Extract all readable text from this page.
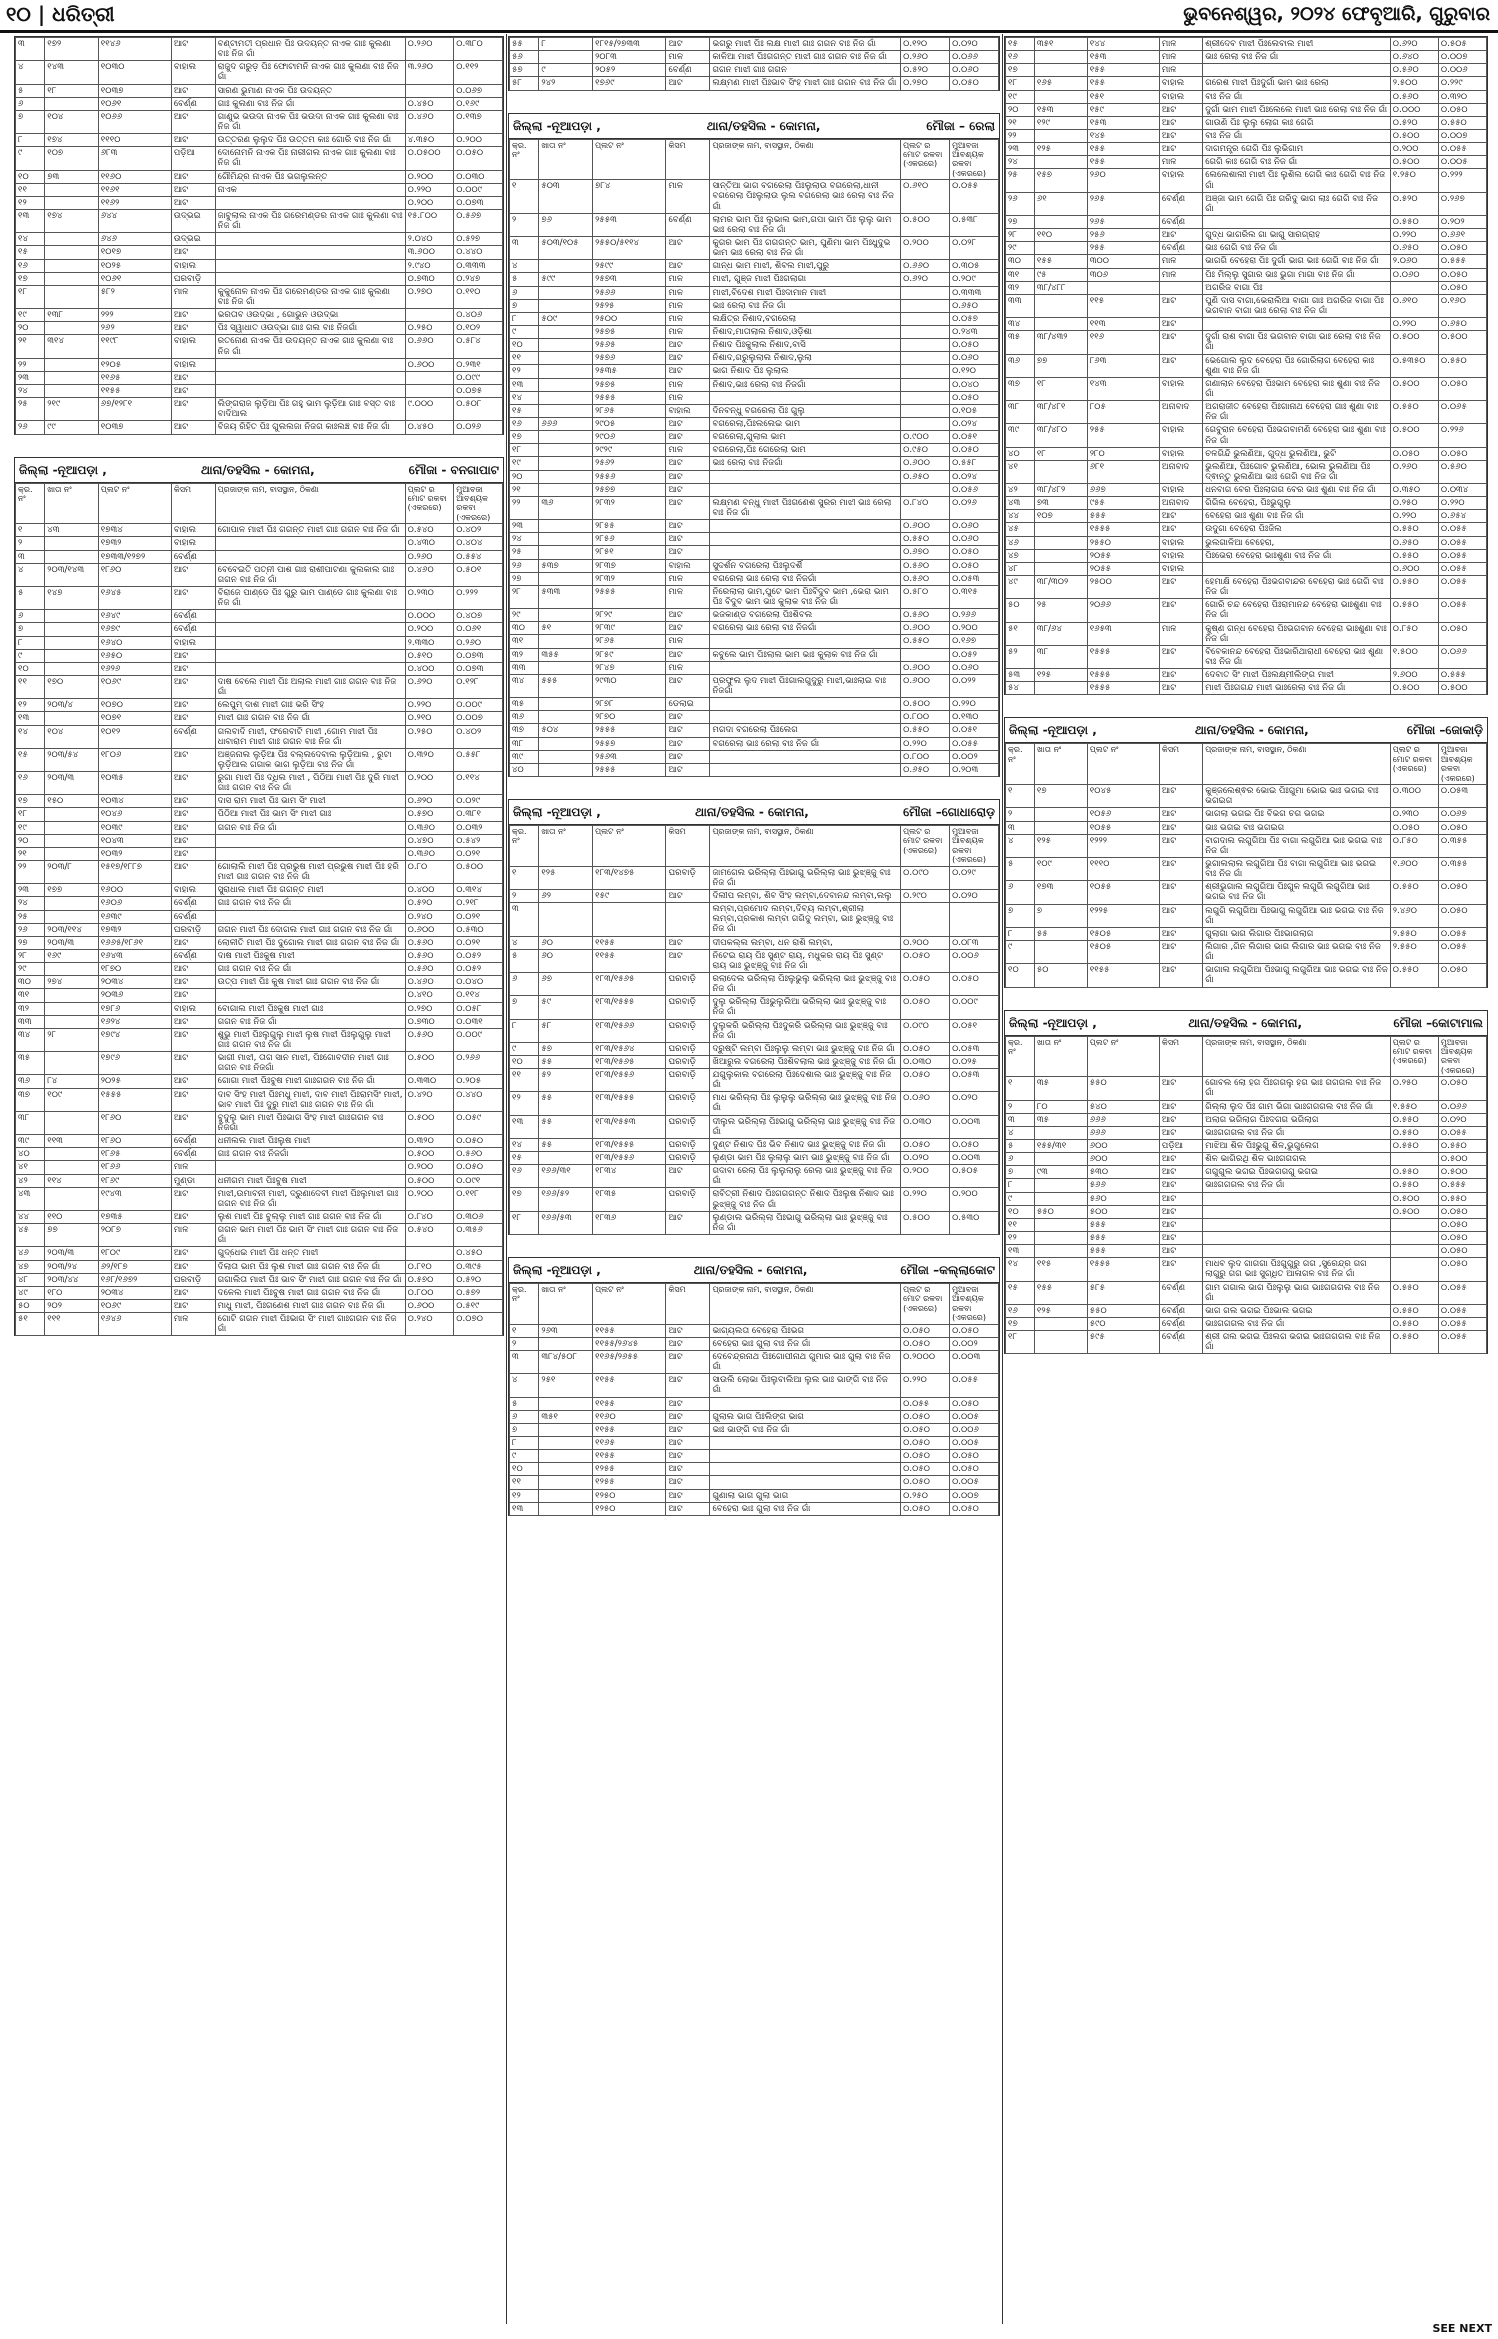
୧୦ | ଧରିତ୍ରୀ	ଭୁବନେଶ୍ୱର, ୨୦୨୪ ଫେବୃଆରି, ଗୁରୁବାର
୩	୧୭୨	୧୧୪୬	ଆଟ	ବଣ୍ଟାମତୀ ପ୍ରଧାନ ପିଃ ଉଦୟନ୍ତ ନାଏକ ଗାଃ କୁଲଣା ବାଃ ନିଜ ଗାଁ	୦.୨୬୦	୦.୩୮୦
୪	୧୪୩	୧୦୩୦	ବାହାଲ	ରାଜୁଦ ଗରୁଡ଼ ପିଃ ଫୋଟାମନି ନାଏକ ଗାଃ କୁଲଣା ବାଃ ନିଜ ଗାଁ	୩.୨୬୦	୦.୧୧୨
୫	୧୮	୧୦୩୭	ଆଟ	ସାରଣ ଭୁମାଣ ନାଏକ ପିଃ ଉଦୟନ୍ତ		୦.୦୬୭
୬		୧୦୬୧	ବେର୍ଣ୍ଣ	ଗାଃ କୁଲଣା ବାଃ ନିଜ ଗାଁ	୦.୪୫୦	୦.୧୬୯
୭	୧୦୪	୧୦୬୬	ଆଟ	ଗାଣୁଭ ଭଉଦା ନାଏକ ପିଃ ଭଉଦା ନାଏକ ଗାଃ କୁଲଣା ବାଃ ନିଜ ଗାଁ	୦.୪୬୦	୦.୧୩୭
୮	୧୭୪	୧୧୧୦	ଆଟ	ଉତ୍ତରଣ ଲୁଲୁଦ ପିଃ ଉତ୍ତମ କାଃ ଗୋରି ବାଃ ନିଜ ଗାଁ	୪.୩୫୦	୦.୨୦୦
୯	୧୦୭	୬୮୩	ପଡ଼ିଆ	ଦୋନୋମନି ନାଏକ ପିଃ ନାରୀଗଲ ନାଏକ ଗାଃ କୁଲଣା ବାଃ ନିଜ ଗାଁ	୦.୦୫୦୦	୦.୦୫୦
୧୦	୭୩	୧୧୬୦	ଆଟ	ଗୌମିନ୍ଦ୍ର ନାଏକ ପିଃ ଭଗଲୁଲନ୍ତ	୦.୨୦୦	୦.୦୩୦
୧୧		୧୧୬୧	ଆଟ	ନାଏକ	୦.୨୨୦	୦.୦୦୯
୧୨		୧୧୬୨	ଆଟ		୦.୨୦୦	୦.୦୭୩
୧୩	୧୭୪	୬୪୪	ଉଦ୍ଭଇ	ଜାବୁଲାଲ ନାଏକ ପିଃ ଗରେମଣ୍ଡର ନାଏକ ଗାଃ କୁଲଣା ବାଃ ନିଜ ଗାଁ	୧୫.୮୦୦	୦.୫୬୭
୧୪		୬୪୬	ଉଦ୍ଭଇ		୨.୦୪୦	୦.୫୨୭
୧୫		୧୦୧୭	ଆଟ		୩.୬୦୦	୦.୪୪୦
୧୬		୧୦୨୫	ବାହାଲ		୨.୯୪୦	୦.୩୩୩
୧୭		୧୦୬୧	ଘରବାଡ଼ି		୦.୭୩୦	୦.୨୪୭
୧୮		୫୮୨	ମାଳ	କୁକୁନୋଳ ନାଏକ ପିଃ ଗରେମଣ୍ଡର ନାଏକ ଗାଃ କୁଲଣା ବାଃ ନିଜ ଗାଁ	୦.୨୭୦	୦.୧୧୦
୧୯	୧୩୮	୨୨୨	ଆଟ	ଭରତାବ ଓଉଦ୍ଭା , ଗୋଭୁନ ଓଉଦ୍ଭା		୦.୪୦୬
୨୦		୨୬୨	ଆଟ	ପିଃ ସ୍ୱାଧାତ ଓଉଦ୍ଭା ଗାଃ ଗଲ ବାଃ ନିଜଗାଁ	୦.୨୫୦	୦.୧୦୨
୨୧	୩୧୪	୧୧୯୮	ବାହାଲ	ରତନୋଣ ନାଏକ ପିଃ ଉଦୟନ୍ତ ନାଏକ ଗାଃ କୁଲଣା ବାଃ ନିଜ ଗାଁ	୦.୬୬୦	୦.୫୮୪
୨୨		୧୨୦୫	ବାହାଲ		୦.୬୦୦	୦.୨୩୧
୨୩		୧୧୬୫	ଆଟ			୦.୦୯୯
୨୪		୧୧୫୫	ଆଟ			୦.୦୭୫
୨୫	୨୧୯	୬୭/୧୨୮୧	ଆଟ	ଲିଙ୍ଗରାଜ ଲୁଡ଼ିଆ ପିଃ ଗହୁ ଭାମ ଲୁଡ଼ିଆ ଗାଃ ବସ୍ତ ବାଃ ବାଦିଆଲ	୯.୦୦୦	୦.୫୦୮
୨୬	୯୯	୧୦୩୭	ଆଟ	ବିଜୟ ରିହିତ ପିଃ ଗୁଲଲଜା ନିଜଗ କାଃଲଞ୍ଚ ବାଃ ନିଜ ଗାଁ	୦.୪୫୦	୦.୦୨୬
ଜିଲ୍ଲା -ନୂଆପଡ଼ା ,	ଥାନା/ତହସିଲ - କୋମନା,	ମୌଜା - ବନଗାପାଟ
କ୍ର. ନଂ	ଖାତା ନଂ	ପ୍ଲଟ ନଂ	କିସମ	ପ୍ରଜାଙ୍କ ନାମ, ବାସସ୍ଥାନ, ଠିକଣା	ପ୍ଲଟ ର ମୋଟ ରକବା (ଏକରରେ)	ମୁଆବଜା ଆବଶ୍ୟକ ରକବା (ଏକରରେ)
୧	୪୩	୧୭୩୪	ବାହାଲ	ଗୋପାଳ ମାଝୀ ପିଃ ଗଗନ୍ତ ମାଝୀ ଗାଃ ଗଗନ ବାଃ ନିଜ ଗାଁ	୦.୫୪୦	୦.୪୦୨
୨		୧୭୩୨	ବାହାଲ		୦.୪୩୦	୦.୪୦୪
୩		୧୭୩୩/୧୨୭୨	ବେର୍ଣ୍ଣ		୦.୨୬୦	୦.୫୫୪
୪	୨୦୩/୧୪୩	୧୮୬୦	ଆଟ	ବେବେଇତି ପତ୍ନୀ ପାଶ ଗାଃ ରାଶୀପାଟଣା କୁଲକାଲ ଗାଃ ଗଗନ ବାଃ ନିଜ ଗାଁ	୦.୪୬୦	୦.୫୦୧
୫	୧୪୭	୧୬୪୫	ଆଟ	ବିରାଜେ ପାଣ୍ଡେ ପିଃ ଗୁରୁ ଭାମ ପାଣ୍ଡେ ଗାଃ କୁଲଣା ବାଃ ନିଜ ଗାଁ	୦.୨୩୦	୦.୨୨୨
୬		୧୬୪୯	ବେର୍ଣ୍ଣ		୦.୦୦୦	୦.୪୦୭
୭		୧୬୭୯	ବେର୍ଣ୍ଣ		୦.୨୦୦	୦.୦୬୧
୮		୧୬୪୦	ବାହାଲ		୨.୩୩୦	୦.୨୬୦
୯		୧୬୫୦	ଆଟ		୦.୫୧୦	୦.୦୭୩
୧୦		୧୬୨୬	ଆଟ		୦.୪୦୦	୦.୦୭୩
୧୧	୧୭୦	୧୦୬୯	ଆଟ	ଦାଷ ବେଲେ ମାଝୀ ପିଃ ଅଲାଲ ମାଝୀ ଗାଃ ଗଗନ ବାଃ ନିଜ ଗାଁ	୦.୬୨୦	୦.୧୨୮
୧୨	୨୦୩/୪	୧୦୭୦	ଆଟ	ଲେପୁମ୍ ଦାଶ ମାଝୀ ଗାଃ ଭରି ସିଂହ	୦.୨୨୦	୦.୦୦୯
୧୩		୧୦୭୧	ଆଟ	ମାଝୀ ଗାଃ ଗଗନ ବାଃ ନିଜ ଗାଁ	୦.୨୧୦	୦.୦୦୭
୧୪	୧୦୪	୧୦୧୨	ବେର୍ଣ୍ଣ	ଗଲବାଦି ମାଝୀ, ଫରେବାଟି ମାଝୀ ,ଗୋମ ମାଝୀ ପିଃ ଧାବାରାମ ମାଝୀ ଗାଃ ଗଗନ ବାଃ ନିଜ ଗାଁ	୦.୨୫୦	୦.୪୦୨
୧୫	୨୦୩/୫୪	୧୮୦୬	ଆଟ	ଅଞ୍ଜନାଲ ଲୁଡ଼ିଆ ପିଃ ବଲ୍ଲଦେବାଲ ଲୁଡ଼ିଆଲ , ରୁଟା ଲୁଡ଼ିଆଲ ଗଗାକ ଭାଗ ଲୁଡ଼ିଆ ବାଃ ନିଜ ଗାଁ	୦.୩୨୦	୦.୫୫୮
୧୬	୨୦୩/୩	୧୦୩୫	ଆଟ	ରୁଗା ମାଝୀ ପିଃ ଦ୍ଧିଲ ମାଝୀ , ପିଠିଆ ମାଝୀ ପିଃ ଦୁରି ମାଝୀ ଗାଃ ଗଗନ ବାଃ ନିଜ ଗାଁ	୦.୨୦୦	୦.୧୧୪
୧୭	୧୫୦	୧୦୩୪	ଆଟ	ଦାସ ରାମ ମାଝୀ ପିଃ ଭାମ ସିଂ ମାଝୀ	୦.୬୨୦	୦.୦୨୯
୧୮		୧୦୪୬	ଆଟ	ପିଠିଆ ମାଝୀ ପିଃ ଭାମ ସିଂ ମାଝୀ ଗାଃ	୦.୫୭୦	୦.୩୮୧
୧୯		୧୦୩୯	ଆଟ	ଗଗନ ବାଃ ନିଜ ଗାଁ	୦.୩୬୦	୦.୦୩୨
୨୦		୧୦୪୩	ଆଟ		୦.୪୭୦	୦.୫୪୨
୨୧		୧୦୩୨	ଆଟ		୦.୩୬୦	୦.୦୨୧
୨୨	୨୦୩/୮	୧୫୧୭/୧୮୮୭	ଆଟ	ଗୋଲାଲି ମାଝୀ ପିଃ ପ୍ରଭୁଷ ମାଝୀ ପ୍ରଭୁଷ ମାଝୀ ପିଃ ହରି ମାଝୀ ଗାଃ ଗଗନ ବାଃ ନିଜ ଗାଁ	୦.୮୦	୦.୫୦୦
୨୩	୧୭୭	୧୬୦୦	ବାହାଲ	ସୁରାଧାଲ ମାଝୀ ପିଃ ଗଗନ୍ତ ମାଝୀ	୦.୪୦୦	୦.୩୧୪
୨୪		୧୬୦୬	ବେର୍ଣ୍ଣ	ଗାଃ ଗଗନ ବାଃ ନିଜ ଗାଁ	୦.୫୨୦	୦.୨୧୮
୨୫		୧୬୩୯	ବେର୍ଣ୍ଣ		୦.୨୪୦	୦.୦୨୧
୨୬	୨୦୩/୧୧୪	୧୭୩୨	ଘରବାଡ଼ି	ଗଗନ ମାଝୀ ପିଃ ଦୋଗଲ ମାଝୀ ଗାଃ ଗଗନ ବାଃ ନିଜ ଗାଁ	୦.୬୦୦	୦.୫୩୦
୨୭	୨୦୩/୩	୧୬୬୫/୧୮୬୧	ଆଟ	ଲୋଳୀତି ମାଝୀ ପିଃ ଦୁଗୋଲ ମାଝୀ ଗାଃ ଗଗନ ବାଃ ନିଜ ଗାଁ	୦.୫୬୦	୦.୦୨୧
୨୮	୧୬୯	୧୬୪୩	ବେର୍ଣ୍ଣ	ଦାଷ ମାଝୀ ପିଃକୁଷ ମାଝୀ	୦.୫୬୦	୦.୦୫୨
୨୯		୧୮୭୦	ଆଟ	ଗାଃ ଗଗନ ବାଃ ନିଜ ଗାଁ	୦.୫୬୦	୦.୦୫୨
୩୦	୨୭୪	୨୦୩୪	ଆଟ	ଉତ୍ପ ମାଝୀ ପିଃ କୁଷ ମାଝୀ ଗାଃ ଗଗନ ବାଃ ନିଜ ଗାଁ	୦.୪୬୦	୦.୦୪୦
୩୧		୨୦୩୬	ଆଟ		୦.୪୧୦	୦.୧୧୪
୩୨		୧୭୮୬	ବାହାଲ	ବୋଗାଲ ମାଝୀ ପିଃକୁଷ ମାଝୀ ଗାଃ	୦.୨୭୦	୦.୦୫୮
୩୩		୧୬୨୪	ଆଟ	ଗଗନ ବାଃ ନିଜ ଗାଁ	୦.୭୩୦	୦.୦୩୧
୩୪	୨୮	୧୭୯୪	ଆଟ	ଶୁଭୁ ମାଝୀ ପିଃଲୁଗୁଲୁ ମାଝୀ ଲୁଷ ମାଝୀ ପିଃଲୁଗୁଲୁ ମାଝୀ ଗାଃ ଗଗନ ବାଃ ନିଜ ଗାଁ	୦.୫୬୦	୦.୦୦୯
୩୫		୧୭୯୬	ଆଟ	ଭାଗୀ ମାଝୀ, ତାଗ ସାନ ମାଝୀ, ପିଃଗୋବଦୀନ ମାଝୀ ଗାଃ ଗଗନ ବାଃ ନିଜଗାଁ	୦.୫୦୦	୦.୨୬୬
୩୬	୮୪	୨୦୨୫	ଆଟ	ଗୋଗା ମାଝୀ ପିଃବୁଷ ମାଝୀ ଗାଃଗଗନ ବାଃ ନିଜ ଗାଁ	୦.୩୩୦	୦.୨୦୫
୩୭	୧୦୯	୧୫୫୫	ଆଟ	ଦାବ ସିଂହ ମାଝୀ ପିଃମଧୁ ମାଝୀ, ଦାବ ମାଝୀ ପିଃରାମସିଂ ମାଝୀ, ଭାବ ମାଝୀ ପିଃ ଦୁରୁ ମାଝୀ ଗାଃ ଗଗନ ବାଃ ନିଜ ଗାଁ	୦.୪୨୦	୦.୪୪୦
୩୮		୧୮୬୦	ଆଟ	ବୁଦୁଲୁ ଭାମ ମାଝୀ ପିଃଭାଗ ସିଂହ ମାଝୀ ଗାଃଗଗନ ବାଃ ନିଜଗାଁ	୦.୫୦୦	୦.୦୫୯
୩୯	୧୧୩	୧୮୬୦	ବେର୍ଣ୍ଣ	ଧନୀଲଲ ମାଝୀ ପିଃଲୁଷ ମାଝୀ	୦.୩୨୦	୦.୦୫୦
୪୦		୧୮୬୫	ବେର୍ଣ୍ଣ	ଗାଃ ଗଗନ ବାଃ ନିଜଗାଁ	୦.୫୦୦	୦.୫୬୦
୪୧		୧୮୬୬	ମାଳ		୦.୨୦୦	୦.୦୫୦
୪୨	୧୧୪	୧୮୬୯	ମୁଣ୍ଡା	ଧନୀଗମ ମାଝୀ ପିଃବୁଷ ମାଝୀ	୦.୫୦୦	୦.୦୯୧
୪୩		୧୯୪୩	ଆଟ	ମାଝୀ,ଉମାବନୀ ମାଝୀ, ଦ୍ରୁଣାଦେବୀ ମାଝୀ ପିଃଲୁମାଝୀ ଗାଃ ଗଗନ ବାଃ ନିଜ ଗାଁ	୦.୨୦୦	୦.୧୧୮
୪୪	୧୧୦	୧୭୩୫	ଆଟ	ଲୁଶ ମାଝୀ ପିଃ ବୁଲ୍ଲୁ ମାଝୀ ଗାଃ ଗଗନ ବାଃ ନିଜ ଗାଁ	୦.୮୪୦	୦.୩୦୬
୪୫	୭୭	୨୦୮୭	ମାଳ	ଗଗନ ଭାମ ମାଝୀ ପିଃ ଭାମ ସିଂ ମାଝୀ ଗାଃ ଗଗନ ବାଃ ନିଜ ଗାଁ	୦.୫୪୦	୦.୩୫୬
୪୬	୨୦୩/୩	୧୮୦୯	ଆଟ	ଗୁଦ୍ଧେଇ ମାଝୀ ପିଃ ଧନ୍ତ ମାଝୀ		୦.୪୫୦
୪୭	୨୦୩/୨୪	୬୨/୧୮୭	ଆଟ	ଦିଲାତା ଭାମ ପିଃ ଲୁଶ ମାଝୀ ଗାଃ ଗଗନ ବାଃ ନିଜ ଗାଁ	୦.୮୧୦	୦.୩୯୫
୪୮	୨୦୩/୪୪	୧୬୮/୧୬୭୨	ଘରବାଡ଼ି	ଗଗାଲିତା ମାଝୀ ପିଃ ଭାବ ସିଂ ମାଝୀ ଗାଃ ଗଗନ ବାଃ ନିଜ ଗାଁ	୦.୫୭୦	୦.୫୨୦
୪୯	୧୮୦	୨୦୩୪	ଆଟ	ଦଳେଲ ମାଝୀ ପିଃବୁଷ ମାଝୀ ଗାଃ ଗଗନ ବାଃ ନିଜ ଗାଁ	୦.୮୦୦	୦.୫୭୨
୫୦	୨୦୨	୧୦୬୯	ଆଟ	ମାଧୁ ମାଝୀ, ପିଃଗଣେଶ ମାଝୀ ଗାଃ ଗଗନ ବାଃ ନିଜ ଗାଁ	୦.୬୦୦	୦.୫୧୯
୫୧	୧୧୧	୧୬୪୬	ମାଳ	ଗୋଟି ଗଗନ ମାଝୀ ପିଃଭାଗ ସିଂ ମାଝୀ ଗାଃଗଗନ ବାଃ ନିଜ ଗାଁ	୦.୨୪୦	୦.୦୭୦
୫୫	୮	୧୮୧୫/୨୭୩୩	ଆଟ	ଭଗରୁ ମାଝୀ ପିଃ ଲକ୍ଷ ମାଝୀ ଗାଃ ଗଗନ ବାଃ ନିଜ ଗାଁ	୦.୧୨୦	୦.୦୨୦
୫୬		୨୦୮୩	ମାଳ	କାଳିଆ ମାଝୀ ପିଃଗଗନ୍ତ ମାଝୀ ଗାଃ ଗଗନ ବାଃ ନିଜ ଗାଁ	୦.୨୬୦	୦.୦୬୬
୫୭	୯	୨୦୫୨	ବେର୍ଣ୍ଣ	ଗଗନ ମାଝୀ ଗାଃ ଗଗନ	୦.୫୨୦	୦.୦୬୦
୫୮	୨୪୨	୧୭୬୯	ଆଟ	ଲକ୍ଷ୍ମଣ ମାଝୀ ପିଃଭାବ ସିଂହ ମାଝୀ ଗାଃ ଗଗନ ବାଃ ନିଜ ଗାଁ	୦.୨୭୦	୦.୦୫୦
ଜିଲ୍ଲା -ନୂଆପଡ଼ା ,	ଥାନା/ତହସିଲ - କୋମନା,	ମୌଜା – ରେଲା
କ୍ର. ନଂ	ଖାତା ନଂ	ପ୍ଲଟ ନଂ	କିସମ	ପ୍ରଜାଙ୍କ ନାମ, ବାସସ୍ଥାନ, ଠିକଣା	ପ୍ଲଟ ର ମୋଟ ରକବା (ଏକରରେ)	ମୁଆବଜା ଆବଶ୍ୟକ ରକବା (ଏକରରେ)
୧	୫୦୩	୭୮୪	ମାଳ	ସାନ୍ତିଆ ଭାଗ ବଗରେଲା ପିଃଲୁଲାଉ ବଗରେଲା,ଧାନୀ ବଗରେଲା ପିଃଲୁଲାଉ ଲୁଲ ବଗରେଲା ଭାଃ ରେଲା ବାଃ ନିଜ ଗାଁ	୦.୬୧୦	୦.୦୫୫
୨	୭୬	୨୫୫୩	ବେର୍ଣ୍ଣ	ଲାମର ଭାମ ପିଃ ଲୁଭାଲ ଭାମ,ଗପା ଭାମ ପିଃ ଲୁଲୁ ଭାମ ଭାଃ ରେଲା ବାଃ ନିଜ ଗାଁ	୦.୫୦୦	୦.୫୩୮
୩	୫୦୩/୧୦୫	୨୫୫୦/୫୧୧୪	ଆଟ	କୁଗର ଭାମ ପିଃ ଗଗଗନ୍ତ ଭାମ, ପୁଣିମା ଭାମ ପିଃଧୁଦୁଭ ଭାମ ଭାଃ ରେଲା ବାଃ ନିଜ ଗାଁ	୦.୨୦୦	୦.୦୨୮
୪		୨୫୯୯	ଆଟ	ଗାନ୍ଧ ଭାମ ମାଝୀ, ଶିବଲ ମାଝୀ,ପୁରୁ	୦.୬୬୦	୦.୩୦୫
୫	୫୯୯	୨୫୭୩	ମାଳ	ମାଝୀ, ଗୁଞ୍ଜ ମାଝୀ ପିଃଗଲାଗା	୦.୬୨୦	୦.୨୦୯
୬		୨୫୬୬	ମାଳ	ମାଝୀ,ବିଦେଶ ମାଝୀ ପିଃଦାମାନ ମାଝୀ		୦.୩୩୩
୭		୨୫୨୫	ମାଳ	ଭାଃ ରେଲା ବାଃ ନିଜ ଗାଁ		୦.୬୫୦
୮	୫୦୯	୨୫୦୦	ମାଳ	ଲକ୍ଷିତ୍ର ନିଶାଦ,ବଗରେଲା		୦.୦୫୭
୯		୨୫୭୫	ମାଳ	ନିଶାଦ,ମାତାଲାଲ ନିଶାଦ,ଓଡ଼ିଶା		୦.୨୪୩
୧୦		୨୫୬୫	ଆଟ	ନିଶାଦ ପିଃକୁଲାଲ ନିଶାଦ,ବାସି		୦.୦୫୦
୧୧		୨୫୭୬	ଆଟ	ନିଶାଦ,ଗରୁଲୁଲାଲ ନିଶାଦ,ଲୁଲା		୦.୦୬୦
୧୨		୨୫୩୫	ଆଟ	ଭାଗ ନିଶାଦ ପିଃ ଲୁଲାଲ		୦.୧୨୦
୧୩		୨୫୭୫	ମାଳ	ନିଶାଦ,ଭାଃ ରେଲା ବାଃ ନିଜଗାଁ		୦.୦୪୦
୧୪		୨୫୫୫	ମାଳ			୦.୦୫୦
୧୫		୨୮୬୫	ବାହାଲ	ଦିନବନ୍ଧୁ ବଗରେଲା ପିଃ ଗୁଲୁ		୦.୧୦୫
୧୬	୬୬୬	୨୯୦୫	ଆଟ	ବଗରେଲା,ପିଃଲଲେଇ ଭାମ		୦.୦୨୪
୧୭		୨୯୦୬	ଆଟ	ବଗରେଲା,ଗୁଲାଲ ଭାମ	୦.୯୦୦	୦.୦୫୧
୧୮		୨୯୨୯	ମାଳ	ବଗରେଲା,ପିଃ ଗେରେଲା ଭାମ	୦.୯୫୦	୦.୦୫୦
୧୯		୨୫୬୨	ଆଟ	ଭାଃ ରେଲା ବାଃ ନିଜଗାଁ	୦.୬୦୦	୦.୫୫୮
୨୦		୨୫୫୬	ଆଟ		୦.୬୫୦	୦.୦୨୪
୨୧		୨୫୭୭	ଆଟ			୦.୦୫୬
୨୨	୩୬	୨୮୩୨	ଆଟ	ଲକ୍ଷ୍ମଣ ବନ୍ଧୁ ମାଝୀ ପିଃଗଣେଶ ସୁରର ମାଝୀ ଭାଃ ରେଲା ବାଃ ନିଜ ଗାଁ	୦.୮୪୦	୦.୦୨୬
୨୩		୨୮୫୫	ଆଟ		୦.୬୦୦	୦.୦୬୦
୨୪		୨୮୫୬	ଆଟ		୦.୫୫୦	୦.୦୬୦
୨୫		୨୮୫୧	ଆଟ		୦.୬୭୦	୦.୦୫୦
୨୬	୫୩୭	୨୮୩୭	ବାହାଲ	ସୁଦର୍ଶନ ବଗରେଲା ପିଃଲୁଦର୍ଶି	୦.୫୬୦	୦.୦୫୦
୨୭		୨୮୩୨	ମାଳ	ବଗରେଲା ଭାଃ ରେଲା ବାଃ ନିଜଗାଁ	୦.୫୬୦	୦.୦୫୩
୨୮	୫୩୩	୨୫୫୫	ମାଳ	ନିରେଲାଲା ଭାମ,ପୁଟେ ଭାମ ପିଃବିଦୁବ ଭାମ ,ଭେରା ଭାମ ପିଃ ବିଦୁବ ଭାମ ଭାଃ କୁଲାକ ବାଃ ନିଜ ଗାଁ	୦.୫୮୦	୦.୩୧୫
୨୯		୨୮୨୯	ଆଟ	ଭଜକାଣ୍ଡ ବଗରେଲା ପିଃଶିବଲ	୦.୫୬୦	୦.୨୬୬
୩୦	୫୧	୨୮୩୯	ଆଟ	ବଗରେଲା ଭାଃ ରେଲା ବାଃ ନିଜଗାଁ	୦.୬୦୦	୦.୨୦୦
୩୧		୨୮୬୫	ମାଳ		୦.୫୫୦	୦.୧୬୭
୩୨	୩୫୫	୨୮୫୯	ଆଟ	କବୁଲେ ଭାମ ପିଃଲାଲ ଭାମ ଭାଃ କୁଲାକ ବାଃ ନିଜ ଗାଁ		୦.୦୫୨
୩୩		୨୮୪୭	ମାଳ		୦.୬୦୦	୦.୦୬୦
୩୪	୫୫୫	୨୯୩୦	ଆଟ	ପ୍ରଫୁଲ ଲୁଦ ମାଝୀ ପିଃଗାଲଗୁଦୁରୁ ମାଝୀ,ଭାଃଲାଇ ବାଃ ନିଜଗାଁ	୦.୬୦୦	୦.୦୨୨
୩୫		୨୮୭୮	ଡେଲାଇ		୦.୫୦୦	୦.୨୨୦
୩୬		୨୮୭୦	ଆଟ		୦.୮୦୦	୦.୧୩୦
୩୭	୫୦୪	୨୫୫୫	ଆଟ	ମଗଦା ବଗରେଲା ପିଃଲେଗ	୦.୫୫୦	୦.୦୫୧
୩୮		୨୫୫୭	ଆଟ	ବଗରେଲା ଭାଃ ରେଲା ବାଃ ନିଜ ଗାଁ	୦.୨୨୦	୦.୦୫୫
୩୯		୨୫୬୩	ଆଟ		୦.୮୦୦	୦.୦୦୨
୪୦		୨୫୫୫	ଆଟ		୦.୬୫୦	୦.୨୦୩
ଜିଲ୍ଲା -ନୂଆପଡ଼ା ,	ଥାନା/ତହସିଲ - କୋମନା,	ମୌଜା –ଗୋଧାରୋଡ଼
କ୍ର. ନଂ	ଖାତା ନଂ	ପ୍ଲଟ ନଂ	କିସମ	ପ୍ରଜାଙ୍କ ନାମ, ବାସସ୍ଥାନ, ଠିକଣା	ପ୍ଲଟ ର ମୋଟ ରକବା (ଏକରରେ)	ମୁଆବଜା ଆବଶ୍ୟକ ରକବା (ଏକରରେ)
୧	୧୨୫	୧୮୩/୧୪୭୫	ଘରବାଡ଼ି	ଜାମଗେଲ ଭରିଲ୍ଲା ପିଃଭାଗୁ ଭରିଲ୍ଲା ଭାଃ ଭୁଝ୍ଞ୍ଜୁ ବାଃ ନିଜ ଗାଁ	୦.୦୯୦	୦.୦୨୯
୨	୬୨	୧୫୯	ଆଟ	ଦିଲୀପ ଲମ୍ବା, ଶିବ ସିଂହ ଲମ୍ବା,ଦେବାନନ୍ଦ ଲମ୍ବା,ଲଲୁ	୦.୨୯୦	୦.୦୨୦
୩				ଲମ୍ବା,ପ୍ରମୋଦ ଲମ୍ବା,ଦିବ୍ୟ ଲମ୍ବା,ଶ୍ରୀଲା ଲମ୍ବା,ପ୍ରକାଶ ଲମ୍ବା ଗଗିଦୁ ଲମ୍ବା, ଭାଃ ଭୁଝ୍ଞ୍ଜୁ ବାଃ ନିଜ ଗାଁ		
୪	୬୦	୧୧୫୫	ଆଟ	ଦୀପକଲ୍ଲ ଲମ୍ବା, ଧନ ରାଶି ଲମ୍ବା,	୦.୨୦୦	୦.୦୮୩
୫	୬୦	୧୧୫୫	ଆଟ	ନିଟେଇ ରାୟ ପିଃ ସୁଣ୍ଟ ରାୟ, ମଧୁକର ରାୟ ପିଃ ସୁଣ୍ଟ ରାୟ ଭାଃ ଭୁଝ୍ଞ୍ଜୁ ବାଃ ନିଜ ଗାଁ	୦.୦୫୦	୦.୦୦୬
୬	୬୭	୧୮୩/୧୫୬୫	ଘରବାଡ଼ି	ରଲାଦେଲ ଭରିଲ୍ଲା ପିଃଲୁଭୁଲୁ ଭରିଲ୍ଲା ଭାଃ ଭୁଝ୍ଞ୍ଜୁ ବାଃ ନିଜ ଗାଁ	୦.୦୫୦	୦.୦୫୦
୭	୫୯	୧୮୩/୧୫୫୫	ଘରବାଡ଼ି	ଦୁଲୁ ଭରିଲ୍ଲା ପିଃଭୁଲୁଲିଆ ଭରିଲ୍ଲା ଭାଃ ଭୁଝ୍ଞ୍ଜୁ ବାଃ ନିଜ ଗାଁ	୦.୦୫୦	୦.୦୦୯
୮	୫୮	୧୮୩/୧୫୬୬	ଘରବାଡ଼ି	ଦୁଲୁକରି ଭରିଲ୍ଲା ପିଃଦୁକରି ଭରିଲ୍ଲା ଭାଃ ଭୁଝ୍ଞ୍ଜୁ ବାଃ ନିଜ ଗାଁ	୦.୦୯୦	୦.୦୫୧
୯	୫୭	୧୮୩/୧୫୬୪	ଘରବାଡ଼ି	ଦ୍ରୁଷ୍ଟି ଲମ୍ବା ପିଃଲୁଲୁ ଲମ୍ବା ଭାଃ ଭୁଝ୍ଞ୍ଜୁ ବାଃ ନିଜ ଗାଁ	୦.୦୫୦	୦.୦୫୩
୧୦	୫୫	୧୮୩/୧୫୬୫	ଘରବାଡ଼ି	ଖିଆରୁଲ ବଗରେଲା ପିଃଶିବଲାଲ ଭାଃ ଭୁଝ୍ଞ୍ଜୁ ବାଃ ନିଜ ଗାଁ	୦.୦୩୦	୦.୦୨୫
୧୧	୫୨	୧୮୩/୧୫୫୬	ଘରବାଡ଼ି	ଯଗୁଲୁକାଲ ବଗରେଲା ପିଃଦେଶାଲ ଭାଃ ଭୁଝ୍ଞ୍ଜୁ ବାଃ ନିଜ ଗାଁ	୦.୦୫୦	୦.୦୫୩
୧୨	୫୫	୧୮୩/୧୫୫୫	ଘରବାଡ଼ି	ମାଧ ଭରିଲ୍ଲା ପିଃ ଲୁଲୁଲୁ ଭରିଲ୍ଲା ଭାଃ ଭୁଝ୍ଞ୍ଜୁ ବାଃ ନିଜ ଗାଁ	୦.୦୬୦	୦.୦୨୦
୧୩	୫୫	୧୮୩/୧୫୫୩	ଘରବାଡ଼ି	ଦୀଲୁଲ ଭରିଲ୍ଲା ପିଃଭାଗୁ ଭରିଲ୍ଲା ଭାଃ ଭୁଝ୍ଞ୍ଜୁ ବାଃ ନିଜ ଗାଁ	୦.୦୩୦	୦.୦୦୩
୧୪	୫୫	୧୮୩/୧୫୫୫	ଘରବାଡ଼ି	ଦୁଣ୍ଟ ନିଶାଦ ପିଃ ଭିବ ନିଶାଦ ଭାଃ ଭୁଝ୍ଞ୍ଜୁ ବାଃ ନିଜ ଗାଁ	୦.୦୫୦	୦.୦୫୦
୧୫		୧୮୩/୧୫୫୬	ଘରବାଡ଼ି	ଲୁଣ୍ଡା ଭାମ ପିଃ ଲୁଲାଲୁ ଭାମ ଭାଃ ଭୁଝ୍ଞ୍ଜୁ ବାଃ ନିଜ ଗାଁ	୦.୦୨୦	୦.୦୦୩
୧୬	୧୬୬/୩୧	୧୮୩୪	ଆଟ	ଗଦାବା ରେଲା ପିଃ ଲୁଲୁଲାଲୁ ରେଲା ଭାଃ ଭୁଝ୍ଞ୍ଜୁ ବାଃ ନିଜ ଗାଁ	୦.୨୦୦	୦.୫୦୫
୧୭	୧୬୬/୫୨	୧୮୩୫	ଘରବାଡ଼ି	ରାବିତ୍ରୀ ନିଶାଦ ପିଃଗଗଗନ୍ତ ନିଶାଦ ପିଃଲୁଷ ନିଶାଦ ଭାଃ ଭୁଝ୍ଞ୍ଜୁ ବାଃ ନିଜ ଗାଁ	୦.୨୨୦	୦.୨୦୦
୧୮	୧୬୬/୫୩	୧୮୩୬	ଆଟ	ଲୁଣ୍ଡାଲ ଭରିଲ୍ଲା ପିଃଭାଗୁ ଭରିଲ୍ଲା ଭାଃ ଭୁଝ୍ଞ୍ଜୁ ବାଃ ନିଜ ଗାଁ	୦.୫୦୦	୦.୫୩୦
ଜିଲ୍ଲା -ନୂଆପଡ଼ା ,	ଥାନା/ତହସିଲ - କୋମନା,	ମୌଜା –କଲ୍ଲାକୋଟ
କ୍ର. ନଂ	ଖାତା ନଂ	ପ୍ଲଟ ନଂ	କିସମ	ପ୍ରଜାଙ୍କ ନାମ, ବାସସ୍ଥାନ, ଠିକଣା	ପ୍ଲଟ ର ମୋଟ ରକବା (ଏକରରେ)	ମୁଆବଜା ଆବଶ୍ୟକ ରକବା (ଏକରରେ)
୧	୨୬୩	୧୧୫୫	ଆଟ	ଭାଗ୍ୟଲତା ବେହେରା ପିଃଭଗ	୦.୦୫୦	୦.୦୫୦
୨		୧୧୫୫/୨୬୪୫	ଆଟ	ବେହେରା ଭାଃ ଗୁଲା ବାଃ ନିଜ ଗାଁ	୦.୦୫୦	୦.୦୦୨
୩	୩୮୪/୫୦୮	୧୧୬୫/୨୬୫୫	ଆଟ	ଦେବେନ୍ଦ୍ରନାଥ ପିଃଗୋପୀନାଥ ଗୁମାର ଭାଃ ଗୁଲା ବାଃ ନିଜ ଗାଁ	୦.୨୦୦୦	୦.୦୦୩
୪	୨୫୧	୧୧୫୫	ଆଟ	ସାଉଲି ଲୋଭା ପିଃଲୁବାଲିଆ ଲୁଲ ଭାଃ ଭାଙ୍ଗି ବାଃ ନିଜ ଗାଁ	୦.୨୨୦	୦.୦୫୫
୫		୧୧୫୫	ଆଟ		୦.୦୫୫	୦.୦୫୦
୬	୩୫୧	୧୧୬୦	ଆଟ	ଗୁଲାଲ ଭାଗ ପିଃଲିଙ୍ଗ ଭାଗ	୦.୦୫୦	୦.୦୦୫
୭		୧୧୫୫	ଆଟ	ଭାଃ ଭାଙ୍ଗି ବାଃ ନିଜ ଗାଁ	୦.୦୫୦	୦.୦୦୬
୮		୧୧୬୫	ଆଟ		୦.୦୫୦	୦.୦୦୫
୯		୧୧୫୫	ଆଟ		୦.୦୫୦	୦.୦୫୦
୧୦		୧୨୫୫	ଆଟ		୦.୦୫୦	୦.୦୫୦
୧୧		୧୨୫୫	ଆଟ		୦.୦୫୦	୦.୦୦୫
୧୨		୧୨୫୦	ଆଟ	ଗୁଣାଲା ଭାଗ ଗୁଲା ଭାଗ	୦.୨୫୦	୦.୦୦୭
୧୩		୧୨୫୦	ଆଟ	ବେହେରା ଭାଃ ଗୁଲା ବାଃ ନିଜ ଗାଁ	୦.୦୫୦	୦.୦୫୦
୧୫	୩୫୧	୧୪୪	ମାଳ	ଶ୍ରୀଦେବ ମାଝୀ ପିଃଲେବାଲ ମାଝୀ	୦.୬୨୦	୦.୫୦୫
୧୬		୧୫୩	ମାଳ	ଭାଃ ରେଲା ବାଃ ନିଜ ଗାଁ	୦.୬୪୦	୦.୦୦୭
୧୭		୧୫୫	ମାଳ		୦.୫୬୦	୦.୦୦୬
୧୮	୧୬୫	୧୫୫	ବାହାଲ	ଗରେଶ ମାଝୀ ପିଃଦୁର୍ଗା ଭାମ ଭାଃ ରେଲା	୨.୫୦୦	୦.୨୨୯
୧୯		୧୫୧	ବାହାଲ	ବାଃ ନିଜ ଗାଁ	୦.୫୬୦	୦.୩୨୦
୨୦	୧୫୩	୧୫୯	ଆଟ	ଦୁର୍ଗା ଭାମ ମାଝୀ ପିଃଲେଲେ ମାଝୀ ଭାଃ ରେଲା ବାଃ ନିଜ ଗାଁ	୦.୦୦୦	୦.୦୫୦
୨୧	୧୨୯	୧୫୩	ଆଟ	ଗାଉଣି ପିଃ ଲୁଲୁ ଲୋଗ କାଃ ଗେଗି	୦.୫୨୦	୦.୫୫୦
୨୨		୧୪୫	ଆଟ	ବାଃ ନିଜ ଗାଁ	୦.୫୦୦	୦.୦୦୭
୨୩	୧୨୫	୧୫୫	ଆଟ	ଦାଗମନ୍ତ୍ର ଗେଗି ପିଃ ଲୁଭିଗାମ	୦.୨୦୦	୦.୦୫୫
୨୪		୧୫୫	ମାଳ	ଗେଗି କାଃ ଗେଗି ବାଃ ନିଜ ଗାଁ	୦.୫୦୦	୦.୦୦୫
୨୫	୧୫୭	୨୬୦	ବାହାଲ	ଲେଲେଶାଲୀ ମାଝୀ ପିଃ ଲୁଶିଲ ଗେଗି କାଃ ଗେଗି ବାଃ ନିଜ ଗାଁ	୧.୨୫୦	୦.୨୨୨
୨୬	୬୧	୨୬୫	ବେର୍ଣ୍ଣ	ଅଞ୍ଜା ଭାମ ଗେଗି ପିଃ ଗରିଦୁ ଭାଗ ଲାଃ ଗେଗି ବାଃ ନିଜ ଗାଁ	୦.୫୨୦	୦.୨୬୭
୨୭		୨୬୫	ବେର୍ଣ୍ଣ		୦.୫୫୦	୦.୨୦୨
୨୮	୧୧୦	୨୫୬	ଆଟ	ଗୁଦ୍ଧ ଭାଗରିଲ ଗା ଭାଗୁ ସାରଗ୍ରାହ	୦.୨୨୦	୦.୬୬୧
୨୯		୨୫୫	ବେର୍ଣ୍ଣ	ଭାଃ ଗେଗି ବାଃ ନିଜ ଗାଁ	୦.୬୫୦	୦.୦୫୦
୩୦	୧୫୫	୩୦୦	ମାଳ	ଭାଗଗି ବେହେରା ପିଃ ଦୁର୍ଗା ଭାଗ ଭାଃ ଗେଗି ବାଃ ନିଜ ଗାଁ	୨.୦୬୦	୦.୫୫୫
୩୧	୯୫	୩୦୬	ମାଳ	ପିଃ ମିଲ୍ଲୁ ସୁଗାର ଭାଃ ଭୁଗା ମାଗା ବାଃ ନିଜ ଗାଁ	୦.୦୬୦	୦.୦୫୦
୩୨	୩୮/୪୮୮			ଅଗରିଜ ବାଗା ପିଃ		୦.୦୫୦
୩୩		୧୧୫	ଆଟ	ପୁଣି ଦାସ ବାଗା,ଭେରାଲିଆ ବାଗା ଗାଃ ଅଗରିଜ ବାଗା ପିଃ ଭଗବାନ ବାଗା ଭାଃ ରେଲା ବାଃ ନିଜ ଗାଁ	୦.୬୧୦	୦.୧୬୦
୩୪		୧୧୩	ଆଟ		୦.୨୨୦	୦.୬୫୦
୩୫	୩୮/୪୩୨	୧୧୬	ଆଟ	ଦୁର୍ଗା ରାଶ ବାଗା ପିଃ ଭଗବାନ ବାଗା ଭାଃ ରେଲା ବାଃ ନିଜ ଗାଁ	୦.୫୦୦	୦.୫୦୦
୩୬	୭୭	୮୬୩	ଆଟ	ଭେଗୋଲ ଲୁଦ ବେହେରା ପିଃ ଗୋରିଲାଗ ବେହେରା କାଃ ଶୁଣା ବାଃ ନିଜ ଗାଁ	୦.୫୩୫୦	୦.୫୫୦
୩୭	୧୮	୧୪୩	ବାହାଲ	ଗଣାଲାନ ବେହେରା ପିଃଭାମ ବେହେରା କାଃ ଶୁଣା ବାଃ ନିଜ ଗାଁ	୦.୫୦୦	୦.୦୫୦
୩୮	୩୮/୪୮୧	୮୦୫	ଅନାବାଦ	ଅଗରାଜୀତ ବେହେରା ପିଃଗାନାଥ ବେହେରା ଗାଃ ଶୁଣା ବାଃ ନିଜ ଗାଁ	୦.୫୫୦	୦.୦୬୫
୩୯	୩୮/୪୮୦	୨୫୫	ବାହାଲ	ଗେବୁରାନ ବେହେରା ପିଃଭଗବାମଣି ବେହେରା ଭାଃ ଶୁଣା ବାଃ ନିଜ ଗାଁ	୦.୫୦୦	୦.୨୨୬
୪୦	୧୮	୨୮୦	ବାହାଲ	ଚଳଗିନ୍ଦି ଭୁଲଣିଆ, ଗୁଦ୍ଧ ଭୁଲଣିଆ, ଭୁଟି	୦.୦୫୦	୦.୦୫୦
୪୧		୬୮୧	ଅନାବାଦ	ଭୁଲଣିଆ, ପିଃଗୋବ ଭୁଲଣିଆ, ଭୋଲ ଭୁଲଣିଆ ପିଃ ଦ୍ଵାନ୍ତୁ ଭୁଲଣିଆ ଭାଃ ଗେଗି ବାଃ ନିଜ ଗାଁ	୦.୨୬୦	୦.୫୬୦
୪୨	୩୮/୪୮୨	୬୬୭	ବାହାଲ	ଧନବାଗ ବେର ପିଃଲାଗଗ ବେର ଭାଃ ଶୁଣା ବାଃ ନିଜ ଗାଁ	୦.୩୫୦	୦.୦୩୪
୪୩	୭୩	୯୫୫	ଅନାବାଦ	ଗିଗିଲ ବେହେରା, ପିଃଭୁଗୁଲୁ	୦.୨୫୦	୦.୨୨୦
୪୪	୧୦୭	୫୫୫	ଆଟ	ବେହେରା ଭାଃ ଶୁଣା ବାଃ ନିଜ ଗାଁ	୦.୨୨୦	୦.୬୫୪
୪୫		୧୫୫୫	ଆଟ	ଉଦୁଗା ବେହେରା ପିଃଜିଲ	୦.୫୫୦	୦.୦୫୫
୪୬		୨୫୫୦	ବାହାଲ	ଭୁଲଗାଳିଆ ବେହେରା,	୦.୬୫୦	୦.୦୫୫
୪୭		୨୦୫୫	ବାହାଲ	ପିଃଭେରା ବେହେରା ଭାଃଶୁଣା ବାଃ ନିଜ ଗାଁ	୦.୫୫୦	୦.୦୫୫
୪୮		୨୦୫୫	ବାହାଲ		୦.୬୦୦	୦.୦୫୫
୪୯	୩୮/୩୦୨	୨୫୦୦	ଆଟ	ହେମାକ୍ଷି ବେହେରା ପିଃଭଗବାନ୍ଦର ବେହେରା ଭାଃ ଗେଗି ବାଃ ନିଜ ଗାଁ	୦.୫୫୦	୦.୦୫୫
୫୦	୨୫	୨୦୬୬	ଆଟ	ଗୋରି ଚନ୍ଦ ବେହେରା ପିଃରାମାନନ୍ଦ ବେହେରା ଭାଃଶୁଣା ବାଃ ନିଜ ଗାଁ	୦.୫୫୦	୦.୦୫୫
୫୧	୩୮/୬୪	୧୬୫୩	ମାଳ	କୁଷ୍ଣ ଗନ୍ଧ ବେହେରା ପିଃଭଗବାନ ବେହେରା ଭାଃଶୁଣା ବାଃ ନିଜ ଗାଁ	୦.୮୫୦	୦.୦୫୦
୫୨	୩୮	୧୫୫୫	ଆଟ	ବିବେକାନନ୍ଦ ବେହେରା ପିଃଭାରିଥାରାଧୀ ବେହେରା ଭାଃ ଶୁଣା ବାଃ ନିଜ ଗାଁ	୧.୫୦୦	୦.୦୬୬
୫୩	୧୨୫	୧୫୫୫	ଆଟ	ଦେବାତ ସିଂ ମାଝୀ ପିଃଲକ୍ଷ୍ମୀଲିଙ୍ଗ ମାଝୀ	୨.୬୦୦	୦.୫୫୫
୫୪		୧୫୫୫	ଆଟ	ମାଝୀ ପିଃଗଗନ୍ଦ ମାଝୀ ଭାଃରେଲା ବାଃ ନିଜ ଗାଁ	୦.୫୦୦	୦.୫୦୦
ଜିଲ୍ଲା -ନୂଆପଡ଼ା ,	ଥାନା/ତହସିଲ - କୋମନା,	ମୌଜା –ଜୋକାଡ଼ି
କ୍ର. ନଂ	ଖାତା ନଂ	ପ୍ଲଟ ନଂ	କିସମ	ପ୍ରଜାଙ୍କ ନାମ, ବାସସ୍ଥାନ, ଠିକଣା	ପ୍ଲଟ ର ମୋଟ ରକବା (ଏକରରେ)	ମୁଆବଜା ଆବଶ୍ୟକ ରକବା (ଏକରରେ)
୧	୧୭	୧୦୪୫	ଆଟ	କୁଞ୍ଜଲେଶ୍ଵର ଭୋଇ ପିଃଗୁମା ଭୋଇ ଭାଃ ଭଗଇ ବାଃ ଭଗଇଗ	୦.୩୦୦	୦.୦୫୩
୨		୧୦୫୬	ଆଟ	ଭାଗଲା ଭଗଇ ପିଃ ବିଭଗ ଚଗ ଭଗଇ	୦.୨୩୦	୦.୦୬୭
୩		୧୦୫୫	ଆଟ	ଭାଃ ଭଗଇ ବାଃ ଭଗଇଗ	୦.୦୫୦	୦.୦୫୦
୪	୧୨୫	୧୨୨୨	ଆଟ	ବାଗଦାଲ ଲଗୁଗିଆ ପିଃ ବାଗା ଲଗୁଗିଆ ଭାଃ ଭଗଇ ବାଃ ନିଜ ଗାଁ	୦.୮୫୦	୦.୩୫୫
୫	୧୦୯	୧୧୧୦	ଆଟ	ଭୁଗାଲଲାଲ ଲଗୁଗିଆ ପିଃ ବାଗା ଲଗୁଗିଆ ଭାଃ ଭଗଇ ବାଃ ନିଜ ଗାଁ	୧.୬୦୦	୦.୩୫୫
୬	୧୭୩	୧୦୫୫	ଆଟ	ଶ୍ରୀଭୁଗାଲ ଲଗୁଗିଆ ପିଃଗୁଳ ଲଗୁଗି ଲଗୁଗିଆ ଭାଃ ଭଗଇ ବାଃ ନିଜ ଗାଁ	୦.୫୫୦	୦.୦୫୦
୭	୭	୧୨୨୫	ଆଟ	ଲଗୁଗି ଲଗୁଗିଆ ପିଃଭାଗୁ ଲଗୁଗିଆ ଭାଃ ଭଗଇ ବାଃ ନିଜ ଗାଁ	୨.୪୬୦	୦.୦୫୦
୮	୫୫	୧୫୦୫	ଆଟ	ଗୁଲାଗା ଭାଗ ଲିଗାର ପିଃଭାଗଲାଗ	୨.୫୫୦	୦.୦୫୫
୯		୧୫୦୫	ଆଟ	ଲିଗାର ,ଗିନ ଲିଗାର ଭାଗ ଲିଗାର ଭାଃ ଭଗଇ ବାଃ ନିଜ ଗାଁ	୨.୫୫୦	୦.୦୫୫
୧୦	୫୦	୧୧୫୫	ଆଟ	ଭାଗାଲ ଲଗୁଗିଆ ପିଃଭାଗୁ ଲଗୁଗିଆ ଭାଃ ଭଗଇ ବାଃ ନିଜ ଗାଁ	୦.୫୫୦	୦.୦୫୦
ଜିଲ୍ଲା -ନୂଆପଡ଼ା ,	ଥାନା/ତହସିଲ - କୋମନା,	ମୌଜା –କୋଟାମାଲ
କ୍ର. ନଂ	ଖାତା ନଂ	ପ୍ଲଟ ନଂ	କିସମ	ପ୍ରଜାଙ୍କ ନାମ, ବାସସ୍ଥାନ, ଠିକଣା	ପ୍ଲଟ ର ମୋଟ ରକବା (ଏକରରେ)	ମୁଆବଜା ଆବଶ୍ୟକ ରକବା (ଏକରରେ)
୧	୩୫	୫୫୦	ଆଟ	ଗୋବଲ ଲୋ ହଗ ପିଃଗଗଲୁ ହଗ ଭାଃ ଗଗଗଲ ବାଃ ନିଜ ଗାଁ	୦.୨୫୦	୦.୦୫୦
୨	୮୦	୫୪୦	ଆଟ	ଗିଲ୍ଲା ଲୁଦ ପିଃ ଗାମ ଭିଗା ଭାଃଗଗଗଲ ବାଃ ନିଜ ଗାଁ	୧.୫୫୦	୦.୦୬୬
୩	୩୫	୬୬୬	ଆଟ	ଅଲାଗ ଭଗିଲାଗ ପିଃଦଗଗ ଭଗିଲାଗ	୦.୫୫୦	୦.୦୨୦
୪		୬୬୬	ଆଟ	ଭାଃଗଗଗଲ ବାଃ ନିଜ ଗାଁ	୦.୫୫୦	୦.୦୫୫
୫	୧୫୫/୩୧	୬୦୦	ପଡ଼ିଆ	ମାଝିଆ ଶିଳ ପିଃଭୁଗୁ ଶିଳ,ଭୁଗୁଲେଗ	୦.୫୫୦	୦.୫୫୦
୬		୬୦୦	ଆଟ	ଶିଳ ଭାଗିରଥି ଶିଳ ଭାଃଗଗଗଲ		୦.୫୦୦
୭	୯୩	୫୩୦	ଆଟ	ଗଗୁଗୁଲ ଭଗଇ ପିଃଭଗଗଗୁ ଭଗଇ	୦.୫୫୦	୦.୫୦୦
୮		୫୬୬	ଆଟ	ଭାଃଗଗଗଲ ବାଃ ନିଜ ଗାଁ	୦.୫୫୦	୦.୫୫୫
୯		୫୬୦	ଆଟ		୦.୫୦୦	୦.୫୫୦
୧୦	୫୫୦	୫୦୦	ଆଟ		୦.୫୦୦	୦.୦୫୦
୧୧		୫୫୫	ଆଟ			୦.୦୫୦
୧୨		୫୫୫	ଆଟ			୦.୦୫୦
୧୩		୫୫୫	ଆଟ			୦.୦୫୦
୧୪	୧୧୫	୧୫୫୫	ଆଟ	ମାଧବ ଲୁଦ ଗାଗଗା ପିଃଗୁଗୁରୁ ଗଗ ,ସୁରେନ୍ଦ୍ର ଗଗ ଲାଗୁରୁ ଗଗ ଭାଃ ସୁଗ୍ଧିତ ଆଳାଗଳ ବାଃ ନିଜ ଗାଁ		୦.୦୫୦
୧୫	୧୫୫	୫୮୫	ବେର୍ଣ୍ଣ	ଗାମ ଗଗାଲ ଭାଗ ପିଃଲୁଲୁ ଭାଗ ଭାଃଗଗଗଲ ବାଃ ନିଜ ଗାଁ	୦.୫୫୦	୦.୦୫୫
୧୬	୧୨୫	୫୫୦	ବେର୍ଣ୍ଣ	ଭାଗ ଗଲ ଭଗଇ ପିଃଭାଲ ଭଗଇ	୦.୫୫୦	୦.୦୫୫
୧୭		୫୯୦	ବେର୍ଣ୍ଣ	ଭାଃଗଗଗଲ ବାଃ ନିଜ ଗାଁ	୦.୫୫୦	୦.୦୫୫
୧୮		୫୯୫	ବେର୍ଣ୍ଣ	ଶ୍ରୀ ଗଲ ଭଗଇ ପିଃଲଗ ଭଗଇ ଭାଃଗଗଗଲ ବାଃ ନିଜ ଗାଁ	୦.୫୫୦	୦.୦୫୫
SEE NEXT
